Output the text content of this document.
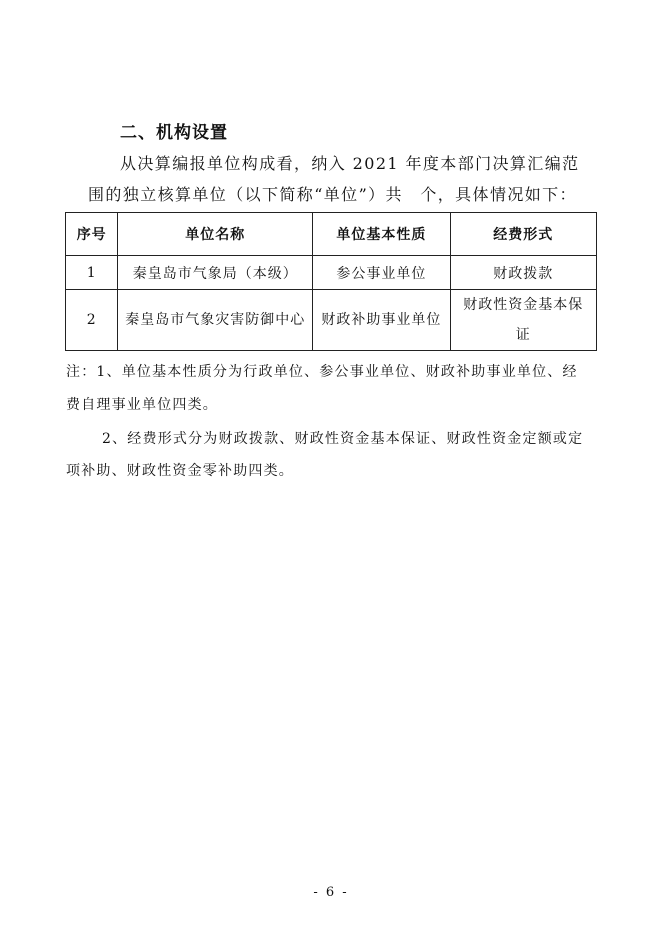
二、机构设置
从决算编报单位构成看，纳入 2021 年度本部门决算汇编范
围的独立核算单位（以下简称“单位”）共　个，具体情况如下：
序号	单位名称	单位基本性质	经费形式
1	秦皇岛市气象局（本级）	参公事业单位	财政拨款
2	秦皇岛市气象灾害防御中心	财政补助事业单位	财政性资金基本保证
注：1、单位基本性质分为行政单位、参公事业单位、财政补助事业单位、经
费自理事业单位四类。
2、经费形式分为财政拨款、财政性资金基本保证、财政性资金定额或定
项补助、财政性资金零补助四类。
- 6 -
